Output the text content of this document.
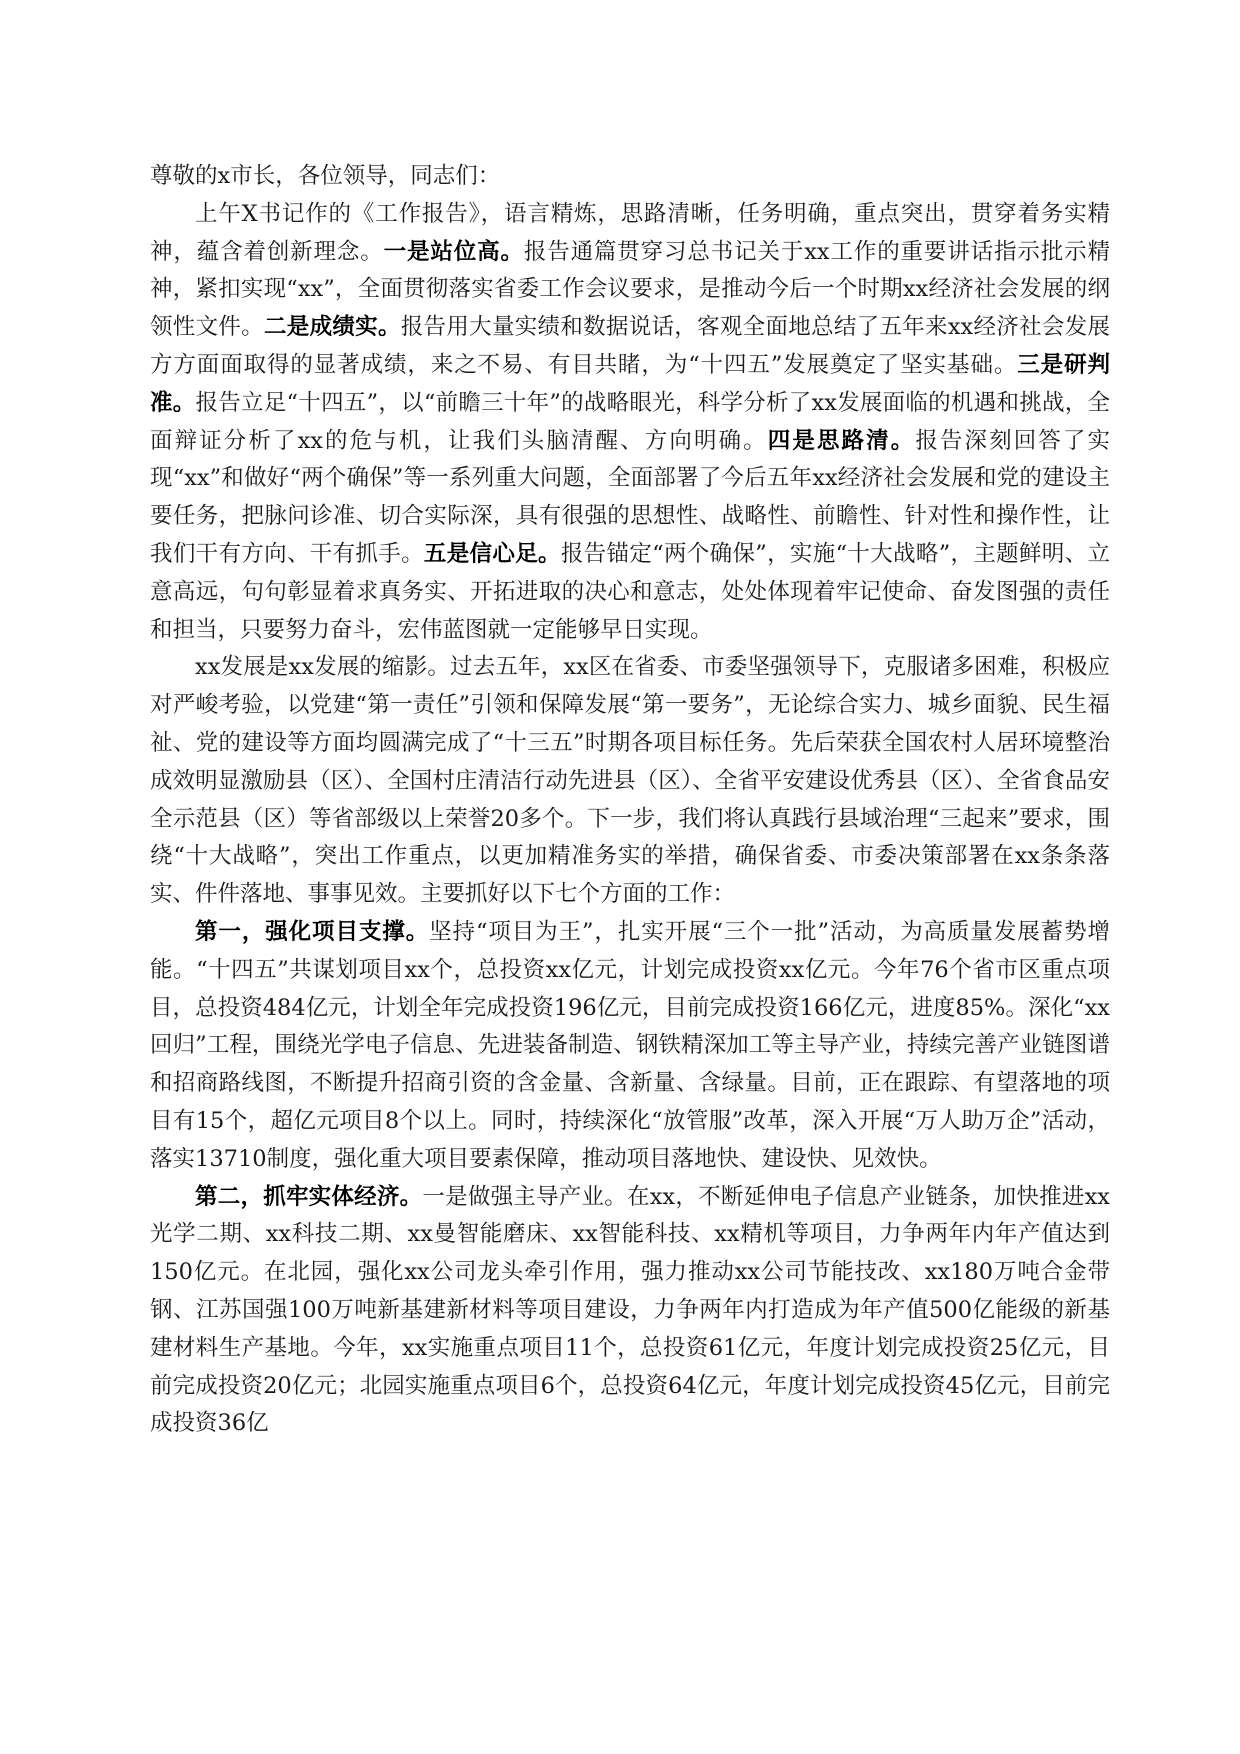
尊敬的x市长，各位领导，同志们：

上午X书记作的《工作报告》，语言精炼，思路清晰，任务明确，重点突出，贯穿着务实精神，蕴含着创新理念。一是站位高。报告通篇贯穿习总书记关于xx工作的重要讲话指示批示精神，紧扣实现“xx”，全面贯彻落实省委工作会议要求，是推动今后一个时期xx经济社会发展的纲领性文件。二是成绩实。报告用大量实绩和数据说话，客观全面地总结了五年来xx经济社会发展方方面面取得的显著成绩，来之不易、有目共睹，为“十四五”发展奠定了坚实基础。三是研判准。报告立足“十四五”，以“前瞻三十年”的战略眼光，科学分析了xx发展面临的机遇和挑战，全面辩证分析了xx的危与机，让我们头脑清醒、方向明确。四是思路清。报告深刻回答了实现“xx”和做好“两个确保”等一系列重大问题，全面部署了今后五年xx经济社会发展和党的建设主要任务，把脉问诊准、切合实际深，具有很强的思想性、战略性、前瞻性、针对性和操作性，让我们干有方向、干有抓手。五是信心足。报告锚定“两个确保”，实施“十大战略”，主题鲜明、立意高远，句句彰显着求真务实、开拓进取的决心和意志，处处体现着牢记使命、奋发图强的责任和担当，只要努力奋斗，宏伟蓝图就一定能够早日实现。

xx发展是xx发展的缩影。过去五年，xx区在省委、市委坚强领导下，克服诸多困难，积极应对严峻考验，以党建“第一责任”引领和保障发展“第一要务”，无论综合实力、城乡面貌、民生福祉、党的建设等方面均圆满完成了“十三五”时期各项目标任务。先后荣获全国农村人居环境整治成效明显激励县（区）、全国村庄清洁行动先进县（区）、全省平安建设优秀县（区）、全省食品安全示范县（区）等省部级以上荣誉20多个。下一步，我们将认真践行县域治理“三起来”要求，围绕“十大战略”，突出工作重点，以更加精准务实的举措，确保省委、市委决策部署在xx条条落实、件件落地、事事见效。主要抓好以下七个方面的工作：

第一，强化项目支撑。坚持“项目为王”，扎实开展“三个一批”活动，为高质量发展蓄势增能。“十四五”共谋划项目xx个，总投资xx亿元，计划完成投资xx亿元。今年76个省市区重点项目，总投资484亿元，计划全年完成投资196亿元，目前完成投资166亿元，进度85%。深化“xx回归”工程，围绕光学电子信息、先进装备制造、钢铁精深加工等主导产业，持续完善产业链图谱和招商路线图，不断提升招商引资的含金量、含新量、含绿量。目前，正在跟踪、有望落地的项目有15个，超亿元项目8个以上。同时，持续深化“放管服”改革，深入开展“万人助万企”活动，落实13710制度，强化重大项目要素保障，推动项目落地快、建设快、见效快。

第二，抓牢实体经济。一是做强主导产业。在xx，不断延伸电子信息产业链条，加快推进xx光学二期、xx科技二期、xx曼智能磨床、xx智能科技、xx精机等项目，力争两年内年产值达到150亿元。在北园，强化xx公司龙头牵引作用，强力推动xx公司节能技改、xx180万吨合金带钢、江苏国强100万吨新基建新材料等项目建设，力争两年内打造成为年产值500亿能级的新基建材料生产基地。今年，xx实施重点项目11个，总投资61亿元，年度计划完成投资25亿元，目前完成投资20亿元；北园实施重点项目6个，总投资64亿元，年度计划完成投资45亿元，目前完成投资36亿
